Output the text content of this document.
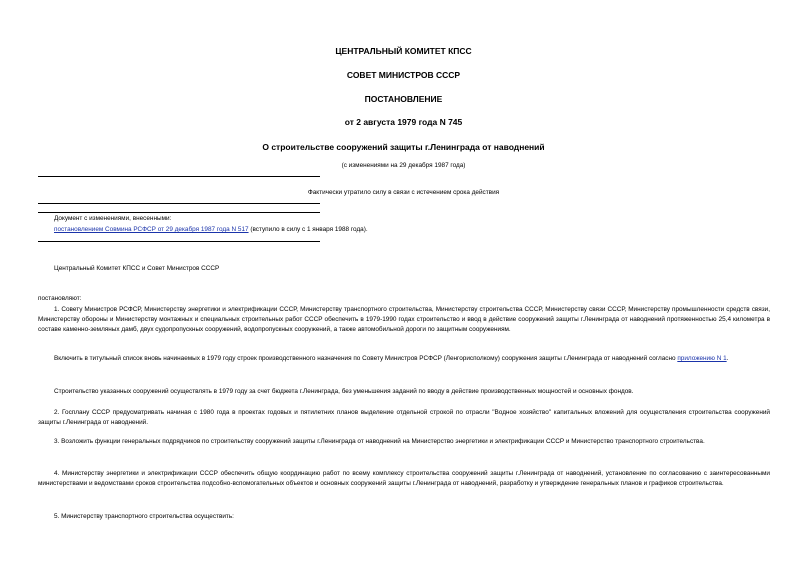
ЦЕНТРАЛЬНЫЙ КОМИТЕТ КПСС
СОВЕТ МИНИСТРОВ СССР
ПОСТАНОВЛЕНИЕ
от 2 августа 1979 года N 745
О строительстве сооружений защиты г.Ленинграда от наводнений
(с изменениями на 29 декабря 1987 года)
Фактически утратило силу в связи с истечением срока действия
Документ с изменениями, внесенными:
постановлением Совмина РСФСР от 29 декабря 1987 года N 517 (вступило в силу с 1 января 1988 года).
Центральный Комитет КПСС и Совет Министров СССР
постановляют:
1. Совету Министров РСФСР, Министерству энергетики и электрификации СССР, Министерству транспортного строительства, Министерству строительства СССР, Министерству связи СССР, Министерству промышленности средств связи, Министерству обороны и Министерству монтажных и специальных строительных работ СССР обеспечить в 1979-1990 годах строительство и ввод в действие сооружений защиты г.Ленинграда от наводнений протяженностью 25,4 километра в составе каменно-земляных дамб, двух судопропускных сооружений, водопропускных сооружений, а также автомобильной дороги по защитным сооружениям.
Включить в титульный список вновь начинаемых в 1979 году строек производственного назначения по Совету Министров РСФСР (Ленгорисполкому) сооружения защиты г.Ленинграда от наводнений согласно приложению N 1.
Строительство указанных сооружений осуществлять в 1979 году за счет бюджета г.Ленинграда, без уменьшения заданий по вводу в действие производственных мощностей и основных фондов.
2. Госплану СССР предусматривать начиная с 1980 года в проектах годовых и пятилетних планов выделение отдельной строкой по отрасли "Водное хозяйство" капитальных вложений для осуществления строительства сооружений защиты г.Ленинграда от наводнений.
3. Возложить функции генеральных подрядчиков по строительству сооружений защиты г.Ленинграда от наводнений на Министерство энергетики и электрификации СССР и Министерство транспортного строительства.
4. Министерству энергетики и электрификации СССР обеспечить общую координацию работ по всему комплексу строительства сооружений защиты г.Ленинграда от наводнений, установление по согласованию с заинтересованными министерствами и ведомствами сроков строительства подсобно-вспомогательных объектов и основных сооружений защиты г.Ленинграда от наводнений, разработку и утверждение генеральных планов и графиков строительства.
5. Министерству транспортного строительства осуществить:
